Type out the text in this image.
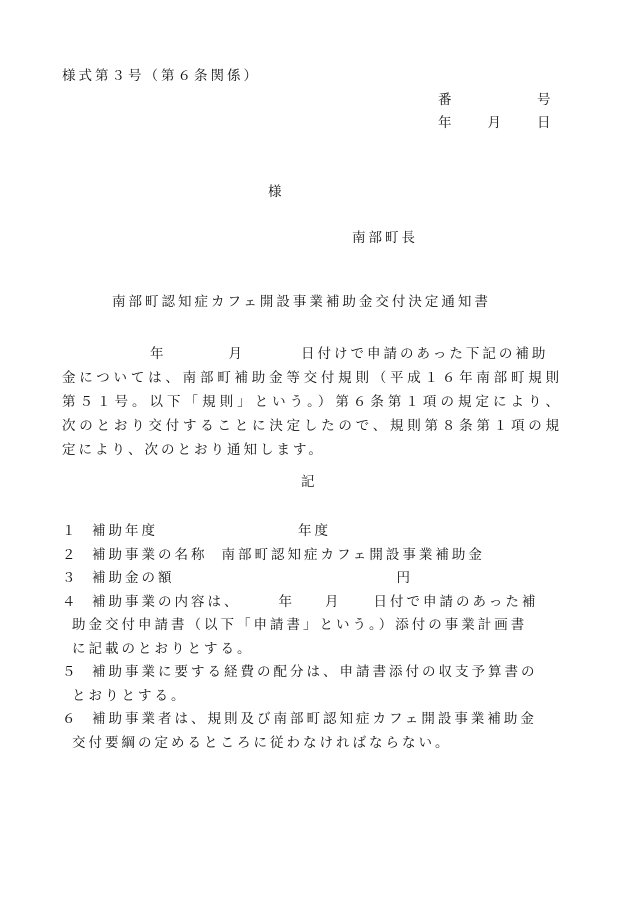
様式第３号（第６条関係）
番　　　　　号
年　　月　　日
様
南部町長
南部町認知症カフェ開設事業補助金交付決定通知書
年	月	日付けで申請のあった下記の補助
金については、南部町補助金等交付規則（平成１６年南部町規則
第５１号。以下「規則」という。）第６条第１項の規定により、
次のとおり交付することに決定したので、規則第８条第１項の規
定により、次のとおり通知します。
記
１ 補助年度	年度
２ 補助事業の名称 南部町認知症カフェ開設事業補助金
３ 補助金の額	円
４ 補助事業の内容は、	年 月 日付で申請のあった補
助金交付申請書（以下「申請書」という。）添付の事業計画書
に記載のとおりとする。
５ 補助事業に要する経費の配分は、申請書添付の収支予算書の
とおりとする。
６ 補助事業者は、規則及び南部町認知症カフェ開設事業補助金
交付要綱の定めるところに従わなければならない。
